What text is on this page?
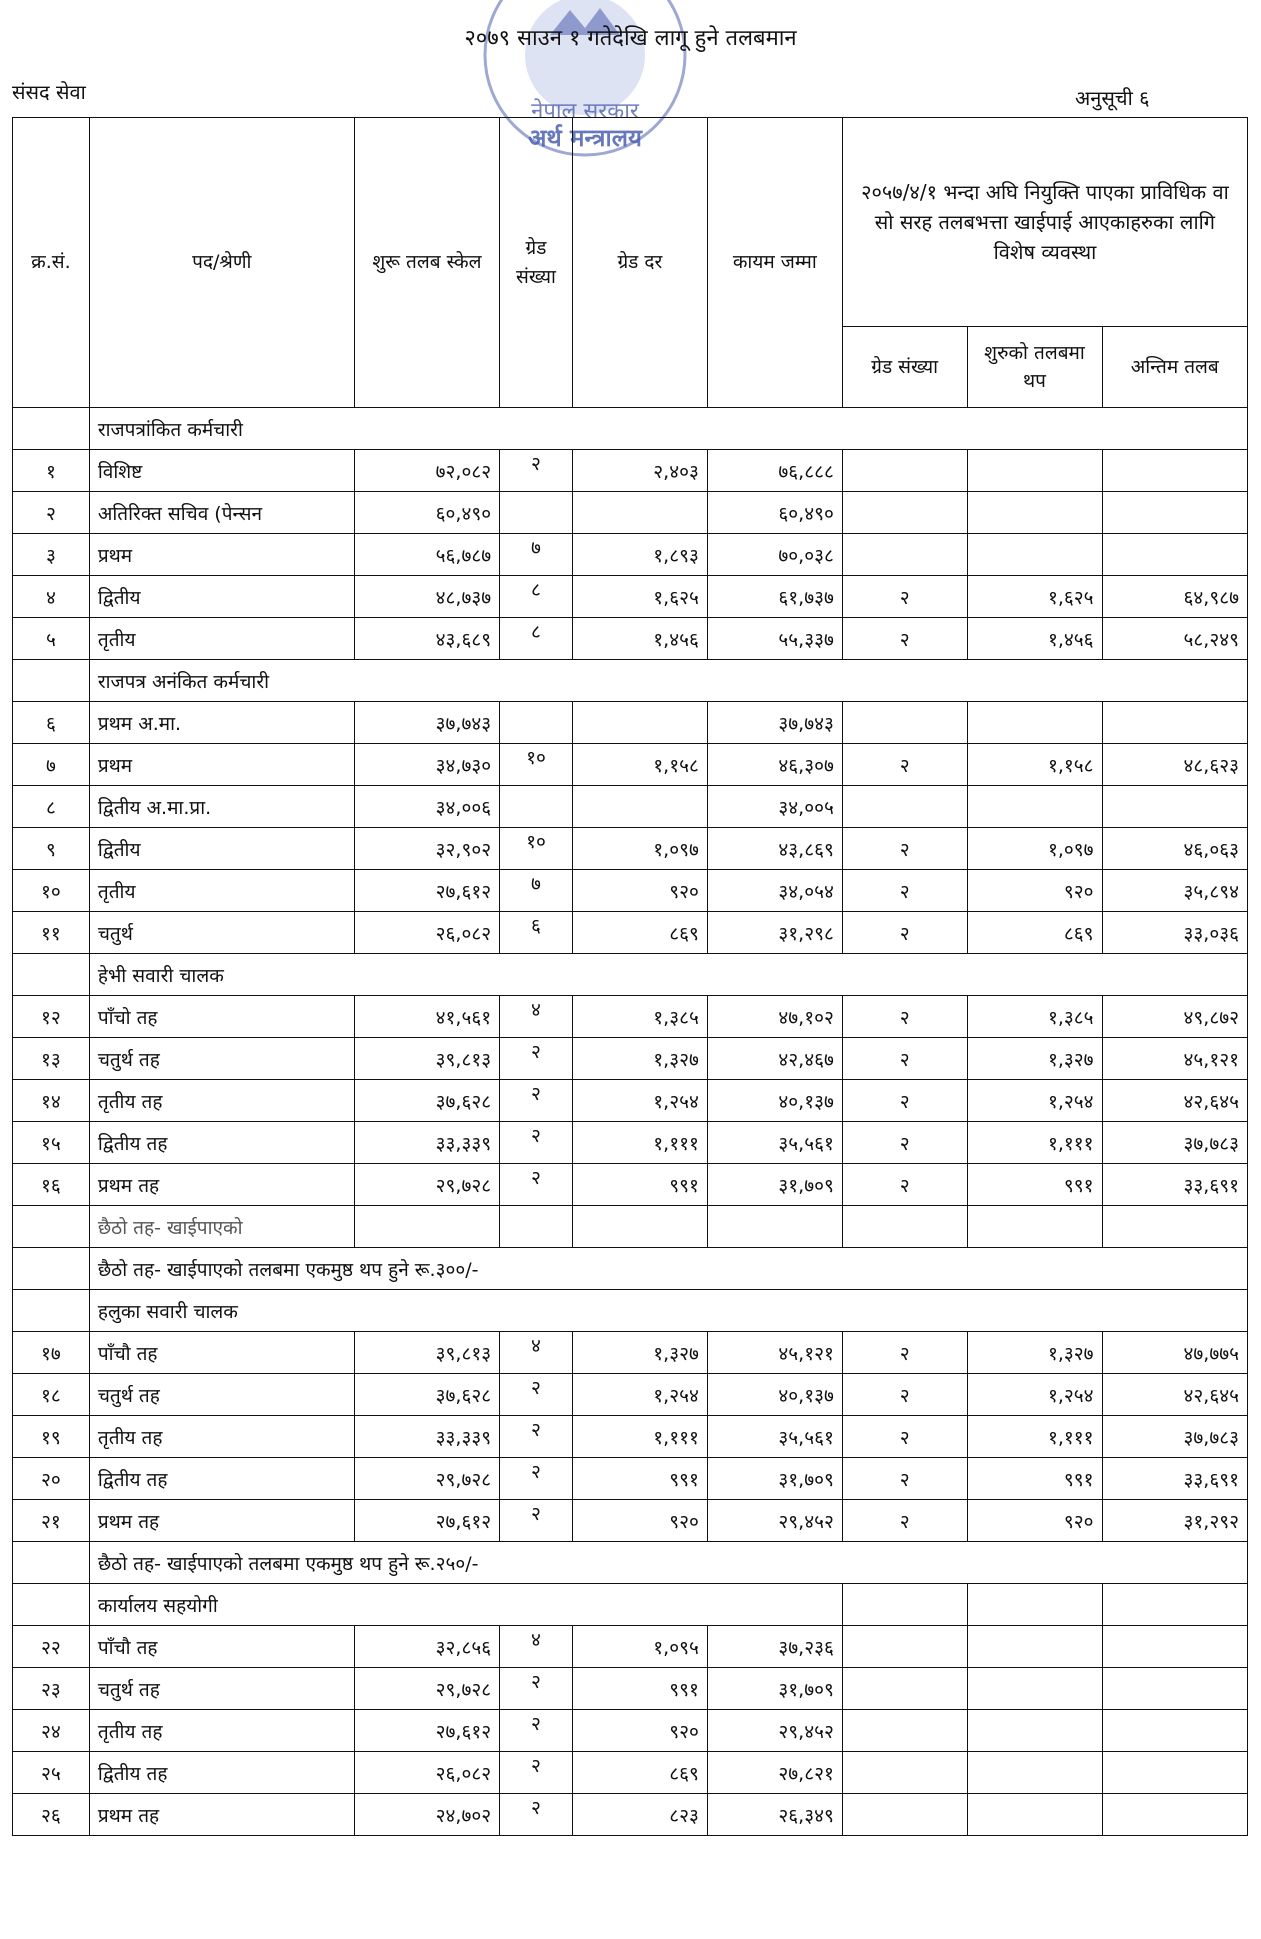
नेपाल सरकार
अर्थ मन्त्रालय
२०७९ साउन १ गतेदेखि लागू हुने तलबमान
संसद सेवा	अनुसूची ६
क्र.सं.	पद/श्रेणी	शुरू तलब स्केल	ग्रेड संख्या	ग्रेड दर	कायम जम्मा	२०५७/४/१ भन्दा अघि नियुक्ति पाएका प्राविधिक वा सो सरह तलबभत्ता खाईपाई आएकाहरुका लागि विशेष व्यवस्था		
						ग्रेड संख्या	शुरुको तलबमा थप	अन्तिम तलब
	राजपत्रांकित कर्मचारी							
१	विशिष्ट	७२,०८२	२	२,४०३	७६,८८८			
२	अतिरिक्त सचिव (पेन्सन	६०,४९०			६०,४९०			
३	प्रथम	५६,७८७	७	१,८९३	७०,०३८			
४	द्वितीय	४८,७३७	८	१,६२५	६१,७३७	२	१,६२५	६४,९८७
५	तृतीय	४३,६८९	८	१,४५६	५५,३३७	२	१,४५६	५८,२४९
	राजपत्र अनंकित कर्मचारी							
६	प्रथम अ.मा.	३७,७४३			३७,७४३			
७	प्रथम	३४,७३०	१०	१,१५८	४६,३०७	२	१,१५८	४८,६२३
८	द्वितीय अ.मा.प्रा.	३४,००६			३४,००५			
९	द्वितीय	३२,९०२	१०	१,०९७	४३,८६९	२	१,०९७	४६,०६३
१०	तृतीय	२७,६१२	७	९२०	३४,०५४	२	९२०	३५,८९४
११	चतुर्थ	२६,०८२	६	८६९	३१,२९८	२	८६९	३३,०३६
	हेभी सवारी चालक							
१२	पाँचो तह	४१,५६१	४	१,३८५	४७,१०२	२	१,३८५	४९,८७२
१३	चतुर्थ तह	३९,८१३	२	१,३२७	४२,४६७	२	१,३२७	४५,१२१
१४	तृतीय तह	३७,६२८	२	१,२५४	४०,१३७	२	१,२५४	४२,६४५
१५	द्वितीय तह	३३,३३९	२	१,१११	३५,५६१	२	१,१११	३७,७८३
१६	प्रथम तह	२९,७२८	२	९९१	३१,७०९	२	९९१	३३,६९१
	छैठो तह- खाईपाएको							
	छैठो तह- खाईपाएको तलबमा एकमुष्ठ थप हुने रू.३००/-							
	हलुका सवारी चालक							
१७	पाँचौ तह	३९,८१३	४	१,३२७	४५,१२१	२	१,३२७	४७,७७५
१८	चतुर्थ तह	३७,६२८	२	१,२५४	४०,१३७	२	१,२५४	४२,६४५
१९	तृतीय तह	३३,३३९	२	१,१११	३५,५६१	२	१,१११	३७,७८३
२०	द्वितीय तह	२९,७२८	२	९९१	३१,७०९	२	९९१	३३,६९१
२१	प्रथम तह	२७,६१२	२	९२०	२९,४५२	२	९२०	३१,२९२
	छैठो तह- खाईपाएको तलबमा एकमुष्ठ थप हुने रू.२५०/-							
	कार्यालय सहयोगी							
२२	पाँचौ तह	३२,८५६	४	१,०९५	३७,२३६			
२३	चतुर्थ तह	२९,७२८	२	९९१	३१,७०९			
२४	तृतीय तह	२७,६१२	२	९२०	२९,४५२			
२५	द्वितीय तह	२६,०८२	२	८६९	२७,८२१			
२६	प्रथम तह	२४,७०२	२	८२३	२६,३४९			
